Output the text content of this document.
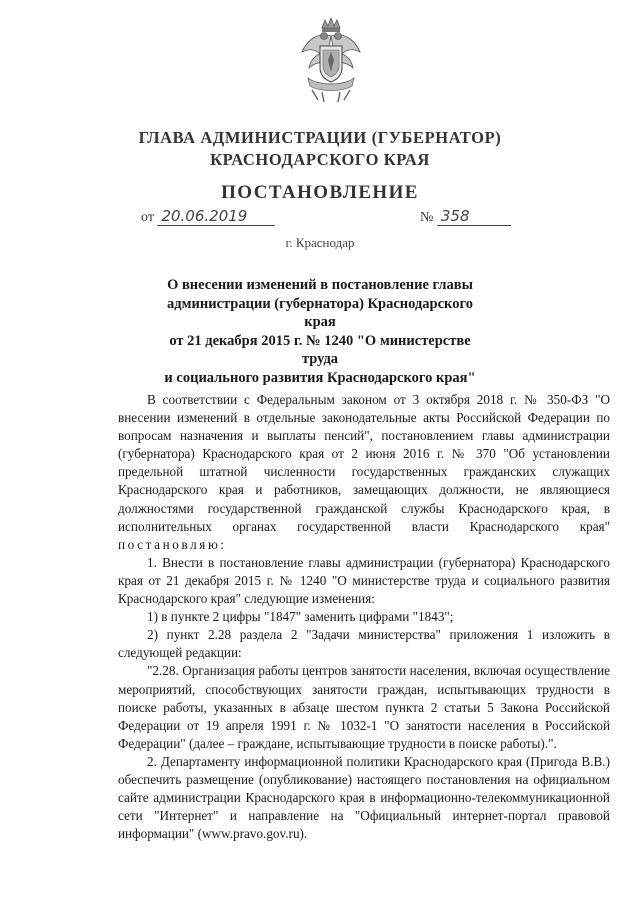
ГЛАВА АДМИНИСТРАЦИИ (ГУБЕРНАТОР)
КРАСНОДАРСКОГО КРАЯ
ПОСТАНОВЛЕНИЕ
от 20.06.2019	№ 358
г. Краснодар
О внесении изменений в постановление главы
администрации (губернатора) Краснодарского края
от 21 декабря 2015 г. № 1240 "О министерстве труда
и социального развития Краснодарского края"

В соответствии с Федеральным законом от 3 октября 2018 г. № 350-ФЗ "О внесении изменений в отдельные законодательные акты Российской Федерации по вопросам назначения и выплаты пенсий", постановлением главы администрации (губернатора) Краснодарского края от 2 июня 2016 г. № 370 "Об установлении предельной штатной численности государственных гражданских служащих Краснодарского края и работников, замещающих должности, не являющиеся должностями государственной гражданской службы Краснодарского края, в исполнительных органах государственной власти Краснодарского края" постановляю:

1. Внести в постановление главы администрации (губернатора) Краснодарского края от 21 декабря 2015 г. № 1240 "О министерстве труда и социального развития Краснодарского края" следующие изменения:

1) в пункте 2 цифры "1847" заменить цифрами "1843";

2) пункт 2.28 раздела 2 "Задачи министерства" приложения 1 изложить в следующей редакции:

"2.28. Организация работы центров занятости населения, включая осуществление мероприятий, способствующих занятости граждан, испытывающих трудности в поиске работы, указанных в абзаце шестом пункта 2 статьи 5 Закона Российской Федерации от 19 апреля 1991 г. № 1032-1 "О занятости населения в Российской Федерации" (далее – граждане, испытывающие трудности в поиске работы).".

2. Департаменту информационной политики Краснодарского края (Пригода В.В.) обеспечить размещение (опубликование) настоящего постановления на официальном сайте администрации Краснодарского края в информационно-телекоммуникационной сети "Интернет" и направление на "Официальный интернет-портал правовой информации" (www.pravo.gov.ru).
